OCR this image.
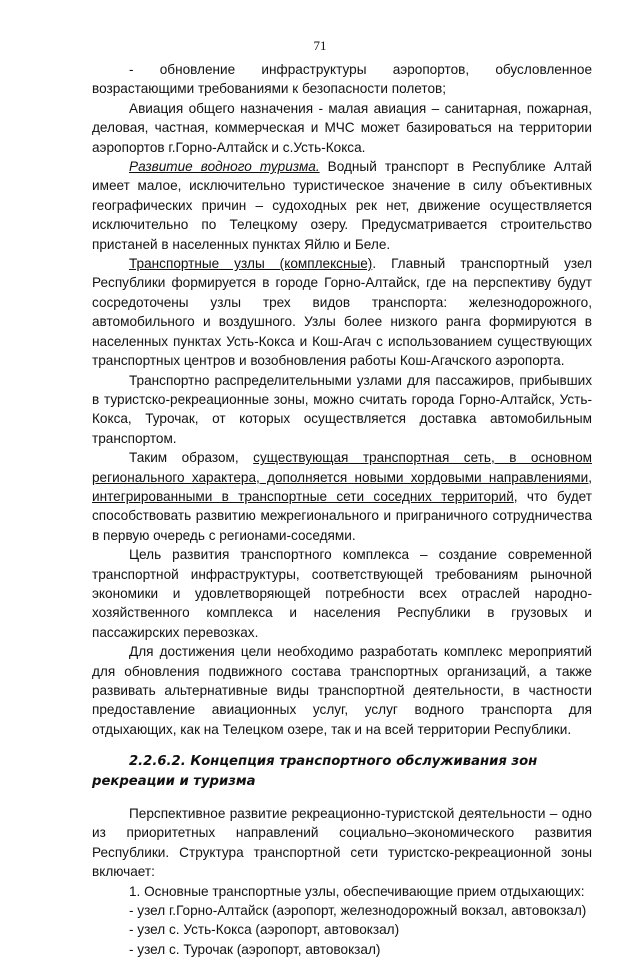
71

- обновление инфраструктуры аэропортов, обусловленное возрастающими требованиями к безопасности полетов;

Авиация общего назначения - малая авиация – санитарная, пожарная, деловая, частная, коммерческая и МЧС может базироваться на территории аэропортов г.Горно-Алтайск и с.Усть-Кокса.

Развитие водного туризма. Водный транспорт в Республике Алтай имеет малое, исключительно туристическое значение в силу объективных географических причин – судоходных рек нет, движение осуществляется исключительно по Телецкому озеру. Предусматривается строительство пристаней в населенных пунктах Яйлю и Беле.

Транспортные узлы (комплексные). Главный транспортный узел Республики формируется в городе Горно-Алтайск, где на перспективу будут сосредоточены узлы трех видов транспорта: железнодорожного, автомобильного и воздушного. Узлы более низкого ранга формируются в населенных пунктах Усть-Кокса и Кош-Агач с использованием существующих транспортных центров и возобновления работы Кош-Агачского аэропорта.

Транспортно распределительными узлами для пассажиров, прибывших в туристско-рекреационные зоны, можно считать города Горно-Алтайск, Усть-Кокса, Турочак, от которых осуществляется доставка автомобильным транспортом.

Таким образом, существующая транспортная сеть, в основном регионального характера, дополняется новыми хордовыми направлениями, интегрированными в транспортные сети соседних территорий, что будет способствовать развитию межрегионального и приграничного сотрудничества в первую очередь с регионами-соседями.

Цель развития транспортного комплекса – создание современной транспортной инфраструктуры, соответствующей требованиям рыночной экономики и удовлетворяющей потребности всех отраслей народно-хозяйственного комплекса и населения Республики в грузовых и пассажирских перевозках.

Для достижения цели необходимо разработать комплекс мероприятий для обновления подвижного состава транспортных организаций, а также развивать альтернативные виды транспортной деятельности, в частности предоставление авиационных услуг, услуг водного транспорта для отдыхающих, как на Телецком озере, так и на всей территории Республики.

2.2.6.2. Концепция транспортного обслуживания зон рекреации и туризма

Перспективное развитие рекреационно-туристской деятельности – одно из приоритетных направлений социально–экономического развития Республики. Структура транспортной сети туристско-рекреационной зоны включает:

1. Основные транспортные узлы, обеспечивающие прием отдыхающих:

- узел г.Горно-Алтайск (аэропорт, железнодорожный вокзал, автовокзал)

- узел с. Усть-Кокса (аэропорт, автовокзал)

- узел с. Турочак (аэропорт, автовокзал)
